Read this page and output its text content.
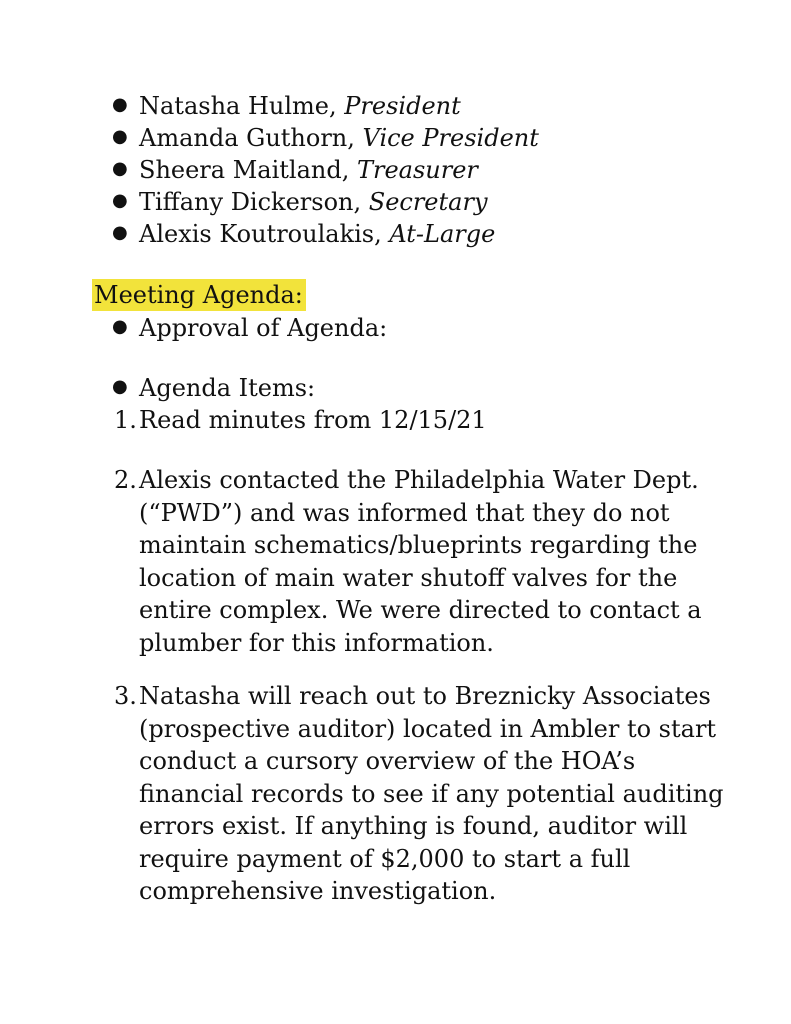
● Natasha Hulme, President
● Amanda Guthorn, Vice President
● Sheera Maitland, Treasurer
● Tiffany Dickerson, Secretary
● Alexis Koutroulakis, At-Large
Meeting Agenda:
● Approval of Agenda:
● Agenda Items:
1. Read minutes from 12/15/21
2. Alexis contacted the Philadelphia Water Dept.
(“PWD”) and was informed that they do not
maintain schematics/blueprints regarding the
location of main water shutoff valves for the
entire complex. We were directed to contact a
plumber for this information.
3. Natasha will reach out to Breznicky Associates
(prospective auditor) located in Ambler to start
conduct a cursory overview of the HOA’s
financial records to see if any potential auditing
errors exist. If anything is found, auditor will
require payment of $2,000 to start a full
comprehensive investigation.
